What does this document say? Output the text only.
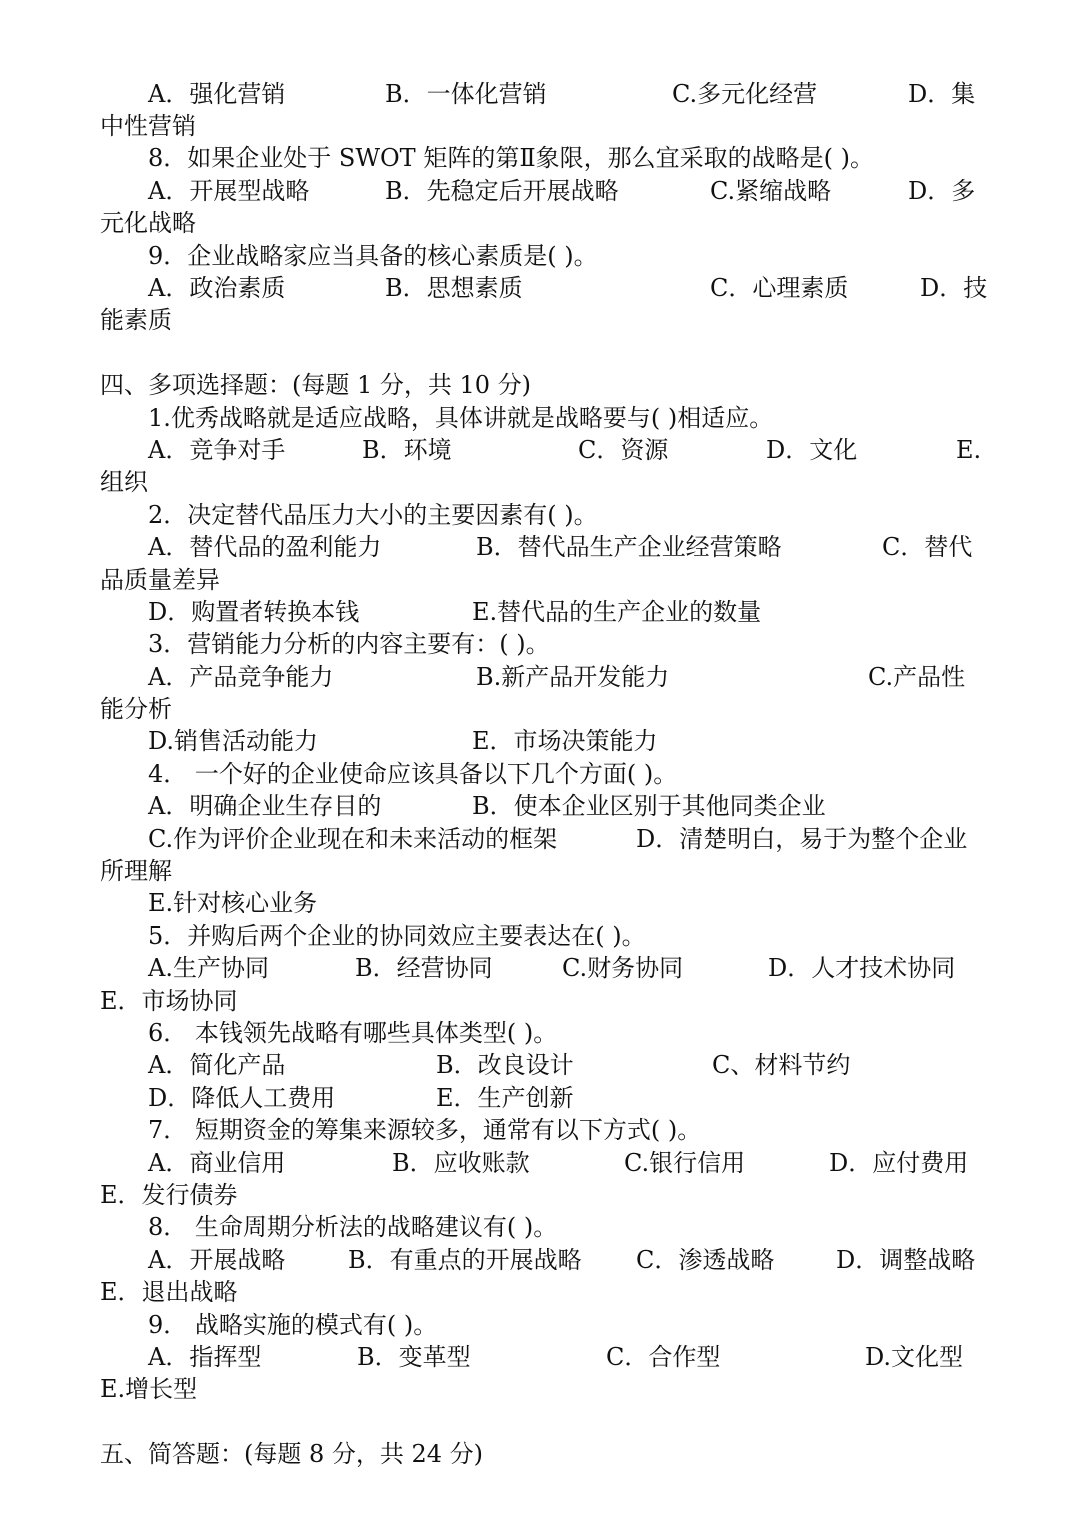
A．强化营销	B．一体化营销	C.多元化经营	D．集
中性营销
8．如果企业处于 SWOT 矩阵的第Ⅱ象限，那么宜采取的战略是( )。
A．开展型战略	B．先稳定后开展战略	C.紧缩战略	D．多
元化战略
9．企业战略家应当具备的核心素质是( )。
A．政治素质	B．思想素质	C．心理素质	D．技
能素质
四、多项选择题：(每题 1 分，共 10 分)
1.优秀战略就是适应战略，具体讲就是战略要与( )相适应。
A．竞争对手	B．环境	C．资源	D．文化	E.
组织
2．决定替代品压力大小的主要因素有( )。
A．替代品的盈利能力	B．替代品生产企业经营策略	C．替代
品质量差异
D．购置者转换本钱	E.替代品的生产企业的数量
3．营销能力分析的内容主要有：( )。
A．产品竞争能力	B.新产品开发能力	C.产品性
能分析
D.销售活动能力	E．市场决策能力
4． 一个好的企业使命应该具备以下几个方面( )。
A．明确企业生存目的	B．使本企业区别于其他同类企业
C.作为评价企业现在和未来活动的框架	D．清楚明白，易于为整个企业
所理解
E.针对核心业务
5．并购后两个企业的协同效应主要表达在( )。
A.生产协同	B．经营协同	C.财务协同	D．人才技术协同
E．市场协同
6． 本钱领先战略有哪些具体类型( )。
A．简化产品	B．改良设计	C、材料节约
D．降低人工费用	E．生产创新
7． 短期资金的筹集来源较多，通常有以下方式( )。
A．商业信用	B．应收账款	C.银行信用	D．应付费用
E．发行债券
8． 生命周期分析法的战略建议有( )。
A．开展战略	B．有重点的开展战略 C．渗透战略	D．调整战略
E．退出战略
9． 战略实施的模式有( )。
A．指挥型	B．变革型	C．合作型	D.文化型
E.增长型
五、简答题：(每题 8 分，共 24 分)
